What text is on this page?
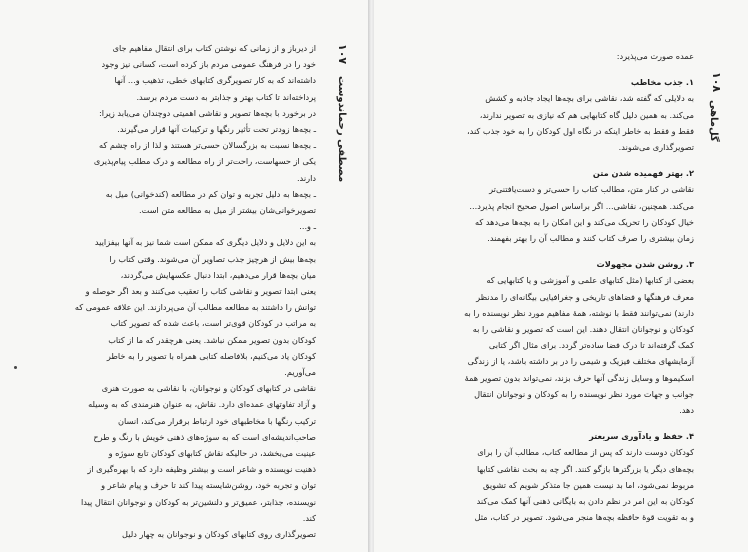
۱۰۷
مصطفی رحماندوست

از دیرباز و از زمانی که نوشتن کتاب برای انتقال مفاهیم جای

خود را در فرهنگ عمومی مردم باز کرده است، کسانی نیز وجود

داشته‌اند که به کار تصویرگری کتابهای خطی، تذهیب و... آنها

پرداخته‌اند تا کتاب بهتر و جذابتر به دست مردم برسد.

در برخورد با بچه‌ها تصویر و نقاشی اهمیتی دوچندان می‌یابد زیرا:

ـ بچه‌ها زودتر تحت تأثیر رنگها و ترکیبات آنها قرار می‌گیرند.

ـ بچه‌ها نسبت به بزرگسالان حسی‌تر هستند و لذا از راه چشم که

یکی از حسهاست، راحت‌تر از راه مطالعه و درک مطلب پیام‌پذیری

دارند.

ـ بچه‌ها به دلیل تجربه و توان کم در مطالعه (کندخوانی) میل به

تصویرخوانی‌شان بیشتر از میل به مطالعه متن است.

ـ و...

به این دلایل و دلایل دیگری که ممکن است شما نیز به آنها بیفزایید

بچه‌ها بیش از هرچیز جذب تصاویر آن می‌شوند. وقتی کتاب را

میان بچه‌ها قرار می‌دهیم، ابتدا دنبال عکسهایش می‌گردند،

یعنی ابتدا تصویر و نقاشی کتاب را تعقیب می‌کنند و بعد اگر حوصله و

توانش را داشتند به مطالعه مطالب آن می‌پردازند. این علاقه عمومی که

به مراتب در کودکان قوی‌تر است، باعث شده که تصویر کتاب

کودکان بدون تصویر ممکن نباشد. یعنی هرچقدر که ما از کتاب

کودکان یاد می‌کنیم، بلافاصله کتابی همراه با تصویر را به خاطر

می‌آوریم.

نقاشی در کتابهای کودکان و نوجوانان، با نقاشی به صورت هنری

و آزاد تفاوتهای عمده‌ای دارد. نقاش، به عنوان هنرمندی که به وسیله

ترکیب رنگها با مخاطبهای خود ارتباط برقرار می‌کند، انسان

صاحب‌اندیشه‌ای است که به سوژه‌های ذهنی خویش با رنگ و طرح

عینیت می‌بخشد، در حالیکه نقاش کتابهای کودکان تابع سوژه و

ذهنیت نویسنده و شاعر است و بیشتر وظیفه دارد که با بهره‌گیری از

توان و تجربه خود، روشن‌شایسته پیدا کند تا حرف و پیام شاعر و

نویسنده، جذابتر، عمیق‌تر و دلنشین‌تر به کودکان و نوجوانان انتقال پیدا

کند.

تصویرگذاری روی کتابهای کودکان و نوجوانان به چهار دلیل

۱۰۸
گل‌ماهی

عمده صورت می‌پذیرد:

۱. جذب مخاطب

به دلایلی که گفته شد، نقاشی برای بچه‌ها ایجاد جاذبه و کشش

می‌کند. به همین دلیل گاه کتابهایی هم که نیازی به تصویر ندارند،

فقط و فقط به خاطر اینکه در نگاه اول کودکان را به خود جذب کند،

تصویرگذاری می‌شوند.

۲. بهتر فهمیده شدن متن

نقاشی در کنار متن، مطالب کتاب را حسی‌تر و دست‌یافتنی‌تر

می‌کند. همچنین، نقاشی... اگر براساس اصول صحیح انجام پذیرد...

خیال کودکان را تحریک می‌کند و این امکان را به بچه‌ها می‌دهد که

زمان بیشتری را صرف کتاب کنند و مطالب آن را بهتر بفهمند.

۳. روشن شدن مجهولات

بعضی از کتابها (مثل کتابهای علمی و آموزشی و یا کتابهایی که

معرف فرهنگها و فضاهای تاریخی و جغرافیایی بیگانه‌ای را مدنظر

دارند) نمی‌توانند فقط با نوشته، همهٔ مفاهیم مورد نظر نویسنده را به

کودکان و نوجوانان انتقال دهند. این است که تصویر و نقاشی را به

کمک گرفته‌اند تا درک فضا ساده‌تر گردد. برای مثال اگر کتابی

آزمایشهای مختلف فیزیک و شیمی را در بر داشته باشد، یا از زندگی

اسکیموها و وسایل زندگی آنها حرف بزند، نمی‌تواند بدون تصویر همهٔ

جوانب و جهات مورد نظر نویسنده را به کودکان و نوجوانان انتقال

دهد.

۴. حفظ و یادآوری سریعتر

کودکان دوست دارند که پس از مطالعه کتاب، مطالب آن را برای

بچه‌های دیگر یا بزرگترها بازگو کنند. اگر چه به بحث نقاشی کتابها

مربوط نمی‌شود، اما بد نیست همین جا متذکر شویم که تشویق

کودکان به این امر در نظم دادن به بایگانی ذهنی آنها کمک می‌کند

و به تقویت قوهٔ حافظه بچه‌ها منجر می‌شود. تصویر در کتاب، مثل
